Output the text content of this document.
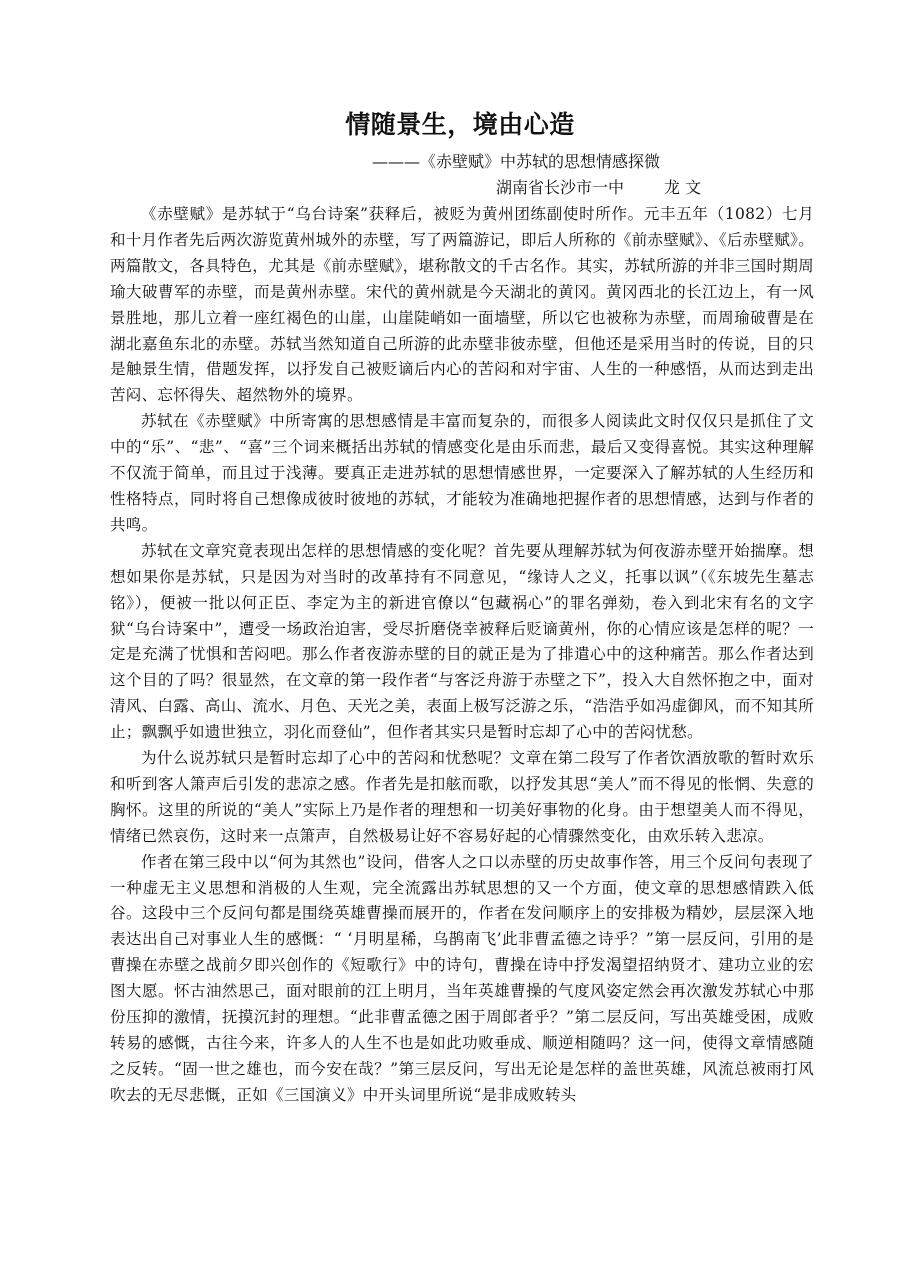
情随景生，境由心造

———《赤壁赋》中苏轼的思想情感探微

湖南省长沙市一中	龙 文

《赤壁赋》是苏轼于“乌台诗案”获释后，被贬为黄州团练副使时所作。元丰五年（1082）七月和十月作者先后两次游览黄州城外的赤壁，写了两篇游记，即后人所称的《前赤壁赋》、《后赤壁赋》。两篇散文，各具特色，尤其是《前赤壁赋》，堪称散文的千古名作。其实，苏轼所游的并非三国时期周瑜大破曹军的赤壁，而是黄州赤壁。宋代的黄州就是今天湖北的黄冈。黄冈西北的长江边上，有一风景胜地，那儿立着一座红褐色的山崖，山崖陡峭如一面墙壁，所以它也被称为赤壁，而周瑜破曹是在湖北嘉鱼东北的赤壁。苏轼当然知道自己所游的此赤壁非彼赤壁，但他还是采用当时的传说，目的只是触景生情，借题发挥，以抒发自己被贬谪后内心的苦闷和对宇宙、人生的一种感悟，从而达到走出苦闷、忘怀得失、超然物外的境界。

苏轼在《赤壁赋》中所寄寓的思想感情是丰富而复杂的，而很多人阅读此文时仅仅只是抓住了文中的“乐”、“悲”、“喜”三个词来概括出苏轼的情感变化是由乐而悲，最后又变得喜悦。其实这种理解不仅流于简单，而且过于浅薄。要真正走进苏轼的思想情感世界，一定要深入了解苏轼的人生经历和性格特点，同时将自己想像成彼时彼地的苏轼，才能较为准确地把握作者的思想情感，达到与作者的共鸣。

苏轼在文章究竟表现出怎样的思想情感的变化呢？首先要从理解苏轼为何夜游赤壁开始揣摩。想想如果你是苏轼，只是因为对当时的改革持有不同意见，“缘诗人之义，托事以讽”（《东坡先生墓志铭》），便被一批以何正臣、李定为主的新进官僚以“包藏祸心”的罪名弹劾，卷入到北宋有名的文字狱“乌台诗案中”，遭受一场政治迫害，受尽折磨侥幸被释后贬谪黄州，你的心情应该是怎样的呢？一定是充满了忧惧和苦闷吧。那么作者夜游赤壁的目的就正是为了排遣心中的这种痛苦。那么作者达到这个目的了吗？很显然，在文章的第一段作者“与客泛舟游于赤壁之下”，投入大自然怀抱之中，面对清风、白露、高山、流水、月色、天光之美，表面上极写泛游之乐，“浩浩乎如冯虚御风，而不知其所止；飘飘乎如遗世独立，羽化而登仙”，但作者其实只是暂时忘却了心中的苦闷忧愁。

为什么说苏轼只是暂时忘却了心中的苦闷和忧愁呢？文章在第二段写了作者饮酒放歌的暂时欢乐和听到客人箫声后引发的悲凉之感。作者先是扣舷而歌，以抒发其思“美人”而不得见的怅惘、失意的胸怀。这里的所说的“美人”实际上乃是作者的理想和一切美好事物的化身。由于想望美人而不得见，情绪已然哀伤，这时来一点箫声，自然极易让好不容易好起的心情骤然变化，由欢乐转入悲凉。

作者在第三段中以“何为其然也”设问，借客人之口以赤壁的历史故事作答，用三个反问句表现了一种虚无主义思想和消极的人生观，完全流露出苏轼思想的又一个方面，使文章的思想感情跌入低谷。这段中三个反问句都是围绕英雄曹操而展开的，作者在发问顺序上的安排极为精妙，层层深入地表达出自己对事业人生的感慨：“ ‘月明星稀，乌鹊南飞’此非曹孟德之诗乎？”第一层反问，引用的是曹操在赤壁之战前夕即兴创作的《短歌行》中的诗句，曹操在诗中抒发渴望招纳贤才、建功立业的宏图大愿。怀古油然思己，面对眼前的江上明月，当年英雄曹操的气度风姿定然会再次激发苏轼心中那份压抑的激情，抚摸沉封的理想。“此非曹孟德之困于周郎者乎？”第二层反问，写出英雄受困，成败转易的感慨，古往今来，许多人的人生不也是如此功败垂成、顺逆相随吗？这一问，使得文章情感随之反转。“固一世之雄也，而今安在哉？”第三层反问，写出无论是怎样的盖世英雄，风流总被雨打风吹去的无尽悲慨，正如《三国演义》中开头词里所说“是非成败转头
